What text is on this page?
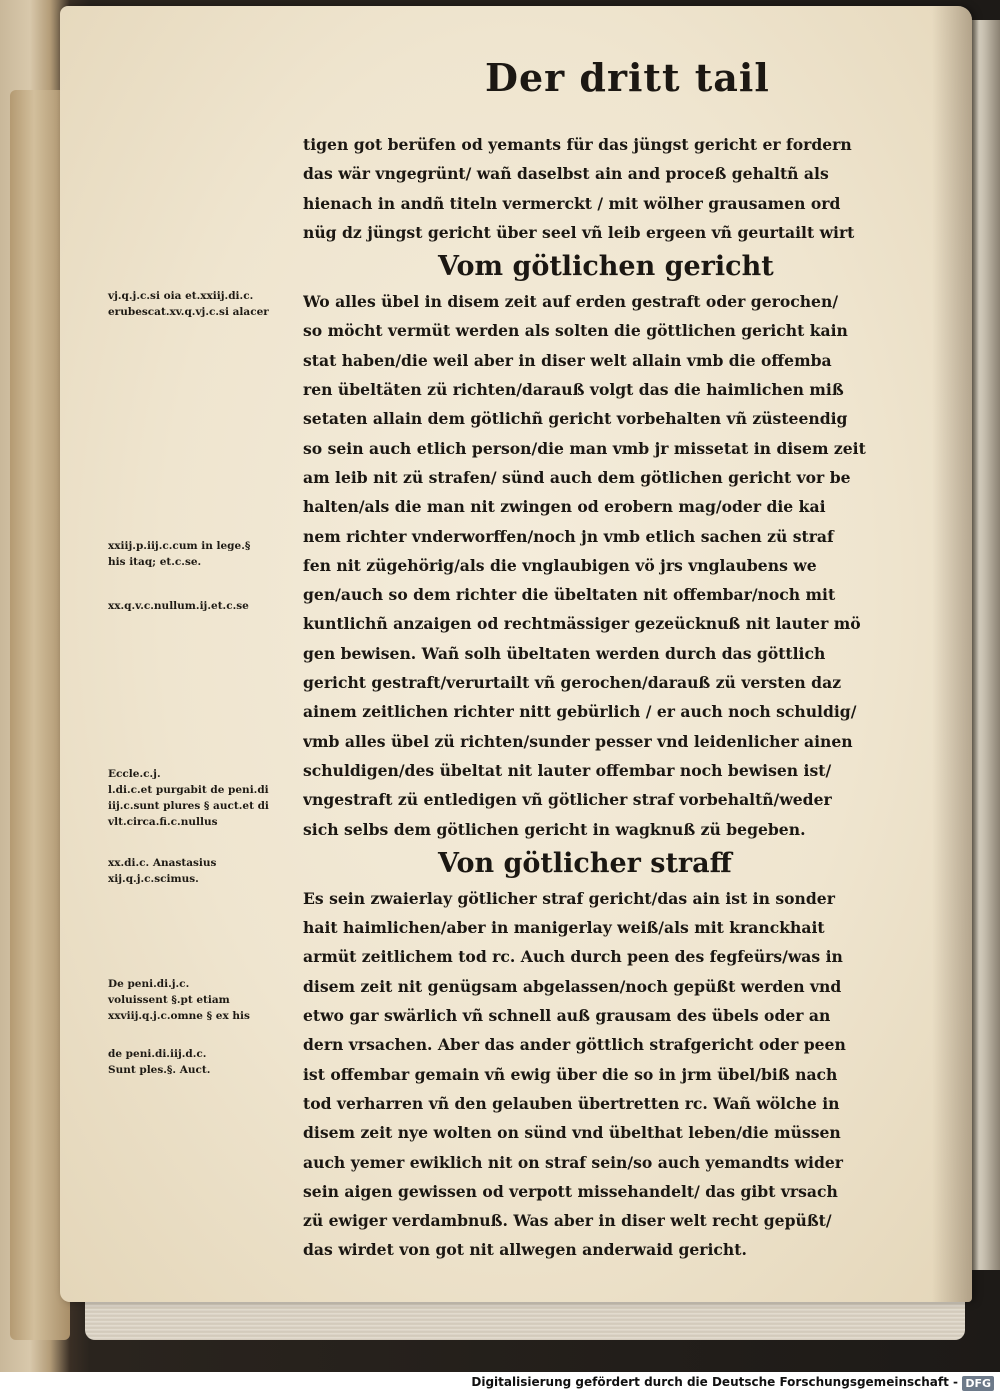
Der dritt tail
tigen got berüfen od yemants für das jüngst gericht er fordern
das wär vngegrünt/ wañ daselbst ain and proceß gehaltñ als
hienach in andñ titeln vermerckt / mit wölher grausamen ord
nüg dz jüngst gericht über seel vñ leib ergeen vñ geurtailt wirt
Vom götlichen gericht
Wo alles übel in disem zeit auf erden gestraft oder gerochen/
so möcht vermüt werden als solten die göttlichen gericht kain
stat haben/die weil aber in diser welt allain vmb die offemba
ren übeltäten zü richten/darauß volgt das die haimlichen miß
setaten allain dem götlichñ gericht vorbehalten vñ züsteendig
so sein auch etlich person/die man vmb jr missetat in disem zeit
am leib nit zü strafen/ sünd auch dem götlichen gericht vor be
halten/als die man nit zwingen od erobern mag/oder die kai
nem richter vnderworffen/noch jn vmb etlich sachen zü straf
fen nit zügehörig/als die vnglaubigen vö jrs vnglaubens we
gen/auch so dem richter die übeltaten nit offembar/noch mit
kuntlichñ anzaigen od rechtmässiger gezeücknuß nit lauter mö
gen bewisen. Wañ solh übeltaten werden durch das göttlich
gericht gestraft/verurtailt vñ gerochen/darauß zü versten daz
ainem zeitlichen richter nitt gebürlich / er auch noch schuldig/
vmb alles übel zü richten/sunder pesser vnd leidenlicher ainen
schuldigen/des übeltat nit lauter offembar noch bewisen ist/
vngestraft zü entledigen vñ götlicher straf vorbehaltñ/weder
sich selbs dem götlichen gericht in wagknuß zü begeben.
Von götlicher straff
Es sein zwaierlay götlicher straf gericht/das ain ist in sonder
hait haimlichen/aber in manigerlay weiß/als mit kranckhait
armüt zeitlichem tod rc. Auch durch peen des fegfeürs/was in
disem zeit nit genügsam abgelassen/noch gepüßt werden vnd
etwo gar swärlich vñ schnell auß grausam des übels oder an
dern vrsachen. Aber das ander göttlich strafgericht oder peen
ist offembar gemain vñ ewig über die so in jrm übel/biß nach
tod verharren vñ den gelauben übertretten rc. Wañ wölche in
disem zeit nye wolten on sünd vnd übelthat leben/die müssen
auch yemer ewiklich nit on straf sein/so auch yemandts wider
sein aigen gewissen od verpott missehandelt/ das gibt vrsach
zü ewiger verdambnuß. Was aber in diser welt recht gepüßt/
das wirdet von got nit allwegen anderwaid gericht.
vj.q.j.c.si oia et.xxiij.di.c.
erubescat.xv.q.vj.c.si alacer
xxiij.p.iij.c.cum in lege.§
his itaq; et.c.se.
xx.q.v.c.nullum.ij.et.c.se
Eccle.c.j.
l.di.c.et purgabit de peni.di
iij.c.sunt plures § auct.et di
vlt.circa.fi.c.nullus
xx.di.c. Anastasius
xij.q.j.c.scimus.
De peni.di.j.c.
voluissent §.pt etiam
xxviij.q.j.c.omne § ex his
de peni.di.iij.d.c.
Sunt ples.§. Auct.
Digitalisierung gefördert durch die Deutsche Forschungsgemeinschaft - DFG
